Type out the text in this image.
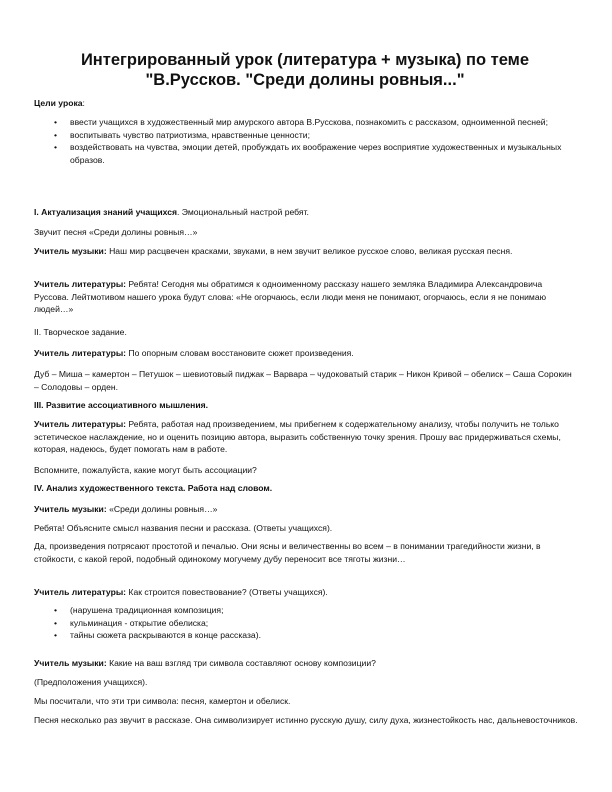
Интегрированный урок (литература + музыка) по теме
"В.Русcков. "Среди долины ровныя..."

Цели урока:

• ввести учащихся в художественный мир амурского автора В.Русскова, познакомить с рассказом, одноименной песней;
• воспитывать чувство патриотизма, нравственные ценности;
• воздействовать на чувства, эмоции детей, пробуждать их воображение через восприятие художественных и музыкальных образов.

I. Актуализация знаний учащихся. Эмоциональный настрой ребят.

Звучит песня «Среди долины ровныя…»

Учитель музыки: Наш мир расцвечен красками, звуками, в нем звучит великое русское слово, великая русская песня.

Учитель литературы: Ребята! Сегодня мы обратимся к одноименному рассказу нашего земляка Владимира Александровича Русcова. Лейтмотивом нашего урока будут слова: «Не огорчаюсь, если люди меня не понимают, огорчаюсь, если я не понимаю людей…»

II. Творческое задание.

Учитель литературы: По опорным словам восстановите сюжет произведения.

Дуб – Миша – камертон – Петушок – шевиотовый пиджак – Варвара – чудоковатый старик – Никон Кривой – обелиск – Саша Сорокин – Солодовы – орден.

III. Развитие ассоциативного мышления.

Учитель литературы: Ребята, работая над произведением, мы прибегнем к содержательному анализу, чтобы получить не только эстетическое наслаждение, но и оценить позицию автора, выразить собственную точку зрения. Прошу вас придерживаться схемы, которая, надеюсь, будет помогать нам в работе.

Вспомните, пожалуйста, какие могут быть ассоциации?

IV. Анализ художественного текста. Работа над словом.

Учитель музыки: «Среди долины ровныя…»

Ребята! Объясните смысл названия песни и рассказа. (Ответы учащихся).

Да, произведения потрясают простотой и печалью. Они ясны и величественны во всем – в понимании трагедийности жизни, в стойкости, с какой герой, подобный одинокому могучему дубу переносит все тяготы жизни…

Учитель литературы: Как строится повествование? (Ответы учащихся).

• (нарушена традиционная композиция;
• кульминация - открытие обелиска;
• тайны сюжета раскрываются в конце рассказа).

Учитель музыки: Какие на ваш взгляд три символа составляют основу композиции?

(Предположения учащихся).

Мы посчитали, что эти три символа: песня, камертон и обелиск.

Песня несколько раз звучит в рассказе. Она символизирует истинно русскую душу, силу духа, жизнестойкость нас, дальневосточников.
